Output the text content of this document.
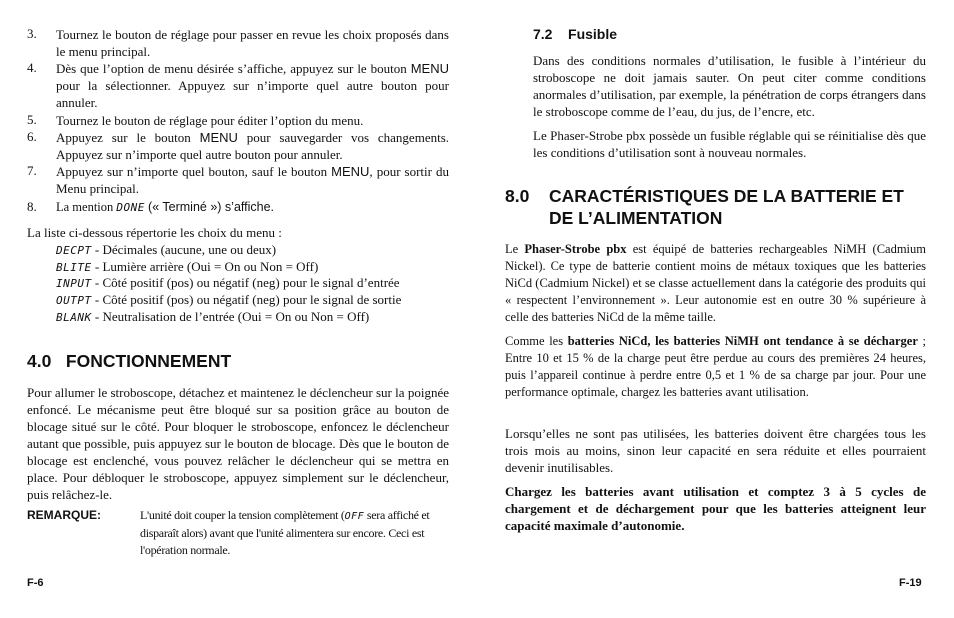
3.	Tournez le bouton de réglage pour passer en revue les choix proposés dans le menu principal.
4.	Dès que l’option de menu désirée s’affiche, appuyez sur le bouton MENU pour la sélectionner. Appuyez sur n’importe quel autre bouton pour annuler.
5.	Tournez le bouton de réglage pour éditer l’option du menu.
6.	Appuyez sur le bouton MENU pour sauvegarder vos changements. Appuyez sur n’importe quel autre bouton pour annuler.
7.	Appuyez sur n’importe quel bouton, sauf le bouton MENU, pour sortir du Menu principal.
8.	La mention DONE (« Terminé ») s’affiche.

La liste ci-dessous répertorie les choix du menu :

DECPT - Décimales (aucune, une ou deux)
BLITE - Lumière arrière (Oui = On ou Non = Off)
INPUT - Côté positif (pos) ou négatif (neg) pour le signal d’entrée
OUTPT - Côté positif (pos) ou négatif (neg) pour le signal de sortie
BLANK - Neutralisation de l’entrée (Oui = On ou Non = Off)
4.0   FONCTIONNEMENT

Pour allumer le stroboscope, détachez et maintenez le déclencheur sur la poignée enfoncé. Le mécanisme peut être bloqué sur sa position grâce au bouton de blocage situé sur le côté. Pour bloquer le stroboscope, enfoncez le déclencheur autant que possible, puis appuyez sur le bouton de blocage. Dès que le bouton de blocage est enclenché, vous pouvez relâcher le déclencheur qui se mettra en place. Pour débloquer le stroboscope, appuyez simplement sur le déclencheur, puis relâchez-le.

REMARQUE:	L'unité doit couper la tension complètement (OFF sera affiché et disparaît alors) avant que l'unité alimentera sur encore. Ceci est l'opération normale.

F-6
7.2    Fusible

Dans des conditions normales d’utilisation, le fusible à l’intérieur du stroboscope ne doit jamais sauter. On peut citer comme conditions anormales d’utilisation, par exemple, la pénétration de corps étrangers dans le stroboscope comme de l’eau, du jus, de l’encre, etc.

Le Phaser-Strobe pbx possède un fusible réglable qui se réinitialise dès que les conditions d’utilisation sont à nouveau normales.

8.0	CARACTÉRISTIQUES DE LA BATTERIE ET DE L’ALIMENTATION

Le Phaser-Strobe pbx est équipé de batteries rechargeables NiMH (Cadmium Nickel). Ce type de batterie contient moins de métaux toxiques que les batteries NiCd (Cadmium Nickel) et se classe actuellement dans la catégorie des produits qui « respectent l’environnement ». Leur autonomie est en outre 30 % supérieure à celle des batteries NiCd de la même taille.

Comme les batteries NiCd, les batteries NiMH ont tendance à se décharger ; Entre 10 et 15 % de la charge peut être perdue au cours des premières 24 heures, puis l’appareil continue à perdre entre 0,5 et 1 % de sa charge par jour. Pour une performance optimale, chargez les batteries avant utilisation.

Lorsqu’elles ne sont pas utilisées, les batteries doivent être chargées tous les trois mois au moins, sinon leur capacité en sera réduite et elles pourraient devenir inutilisables.

Chargez les batteries avant utilisation et comptez 3 à 5 cycles de chargement et de déchargement pour que les batteries atteignent leur capacité maximale d’autonomie.

F-19
